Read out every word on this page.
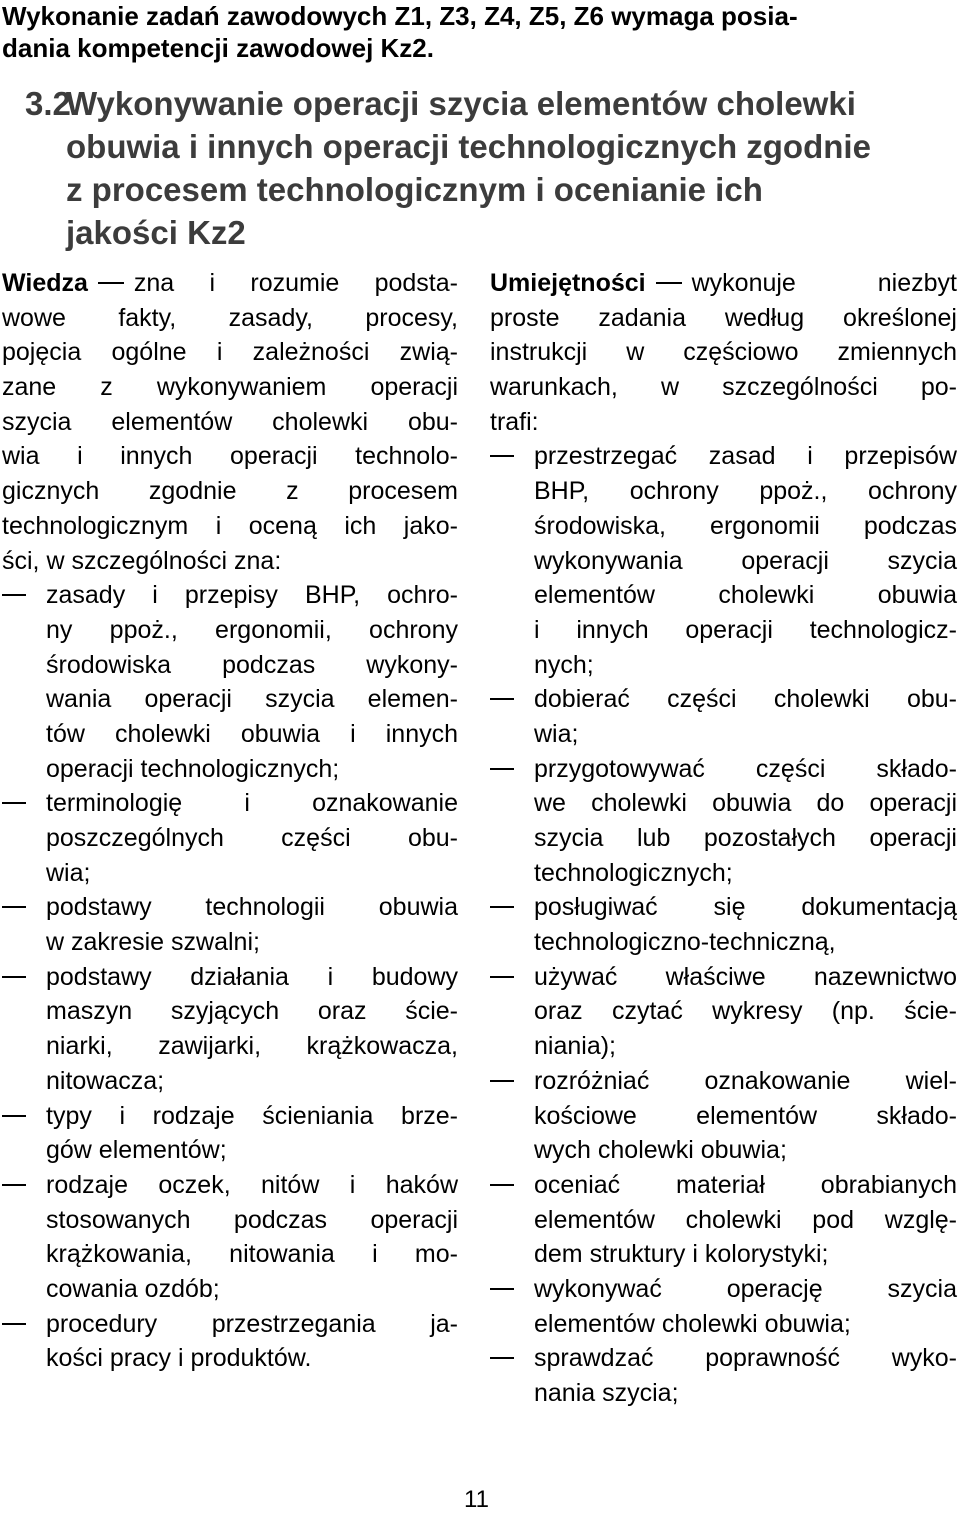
Wykonanie zadań zawodowych Z1, Z3, Z4, Z5, Z6 wymaga posia-
dania kompetencji zawodowej Kz2.
3.2.
Wykonywanie operacji szycia elementów cholewki
obuwia i innych operacji technologicznych zgodnie
z procesem technologicznym i ocenianie ich
jakości Kz2
Wiedza zna i rozumie podsta-
wowe fakty, zasady, procesy,
pojęcia ogólne i zależności zwią-
zane z wykonywaniem operacji
szycia elementów cholewki obu-
wia i innych operacji technolo-
gicznych zgodnie z procesem
technologicznym i oceną ich jako-
ści, w szczególności zna:
zasady i przepisy BHP, ochro-
ny ppoż., ergonomii, ochrony
środowiska podczas wykony-
wania operacji szycia elemen-
tów cholewki obuwia i innych
operacji technologicznych;
terminologię i oznakowanie
poszczególnych części obu-
wia;
podstawy technologii obuwia
w zakresie szwalni;
podstawy działania i budowy
maszyn szyjących oraz ście-
niarki, zawijarki, krążkowacza,
nitowacza;
typy i rodzaje ścieniania brze-
gów elementów;
rodzaje oczek, nitów i haków
stosowanych podczas operacji
krążkowania, nitowania i mo-
cowania ozdób;
procedury przestrzegania ja-
kości pracy i produktów.
Umiejętności wykonuje niezbyt
proste zadania według określonej
instrukcji w częściowo zmiennych
warunkach, w szczególności po-
trafi:
przestrzegać zasad i przepisów
BHP, ochrony ppoż., ochrony
środowiska, ergonomii podczas
wykonywania operacji szycia
elementów cholewki obuwia
i innych operacji technologicz-
nych;
dobierać części cholewki obu-
wia;
przygotowywać części składo-
we cholewki obuwia do operacji
szycia lub pozostałych operacji
technologicznych;
posługiwać się dokumentacją
technologiczno-techniczną,
używać właściwe nazewnictwo
oraz czytać wykresy (np. ście-
niania);
rozróżniać oznakowanie wiel-
kościowe elementów składo-
wych cholewki obuwia;
oceniać materiał obrabianych
elementów cholewki pod wzglę-
dem struktury i kolorystyki;
wykonywać operację szycia
elementów cholewki obuwia;
sprawdzać poprawność wyko-
nania szycia;
11
